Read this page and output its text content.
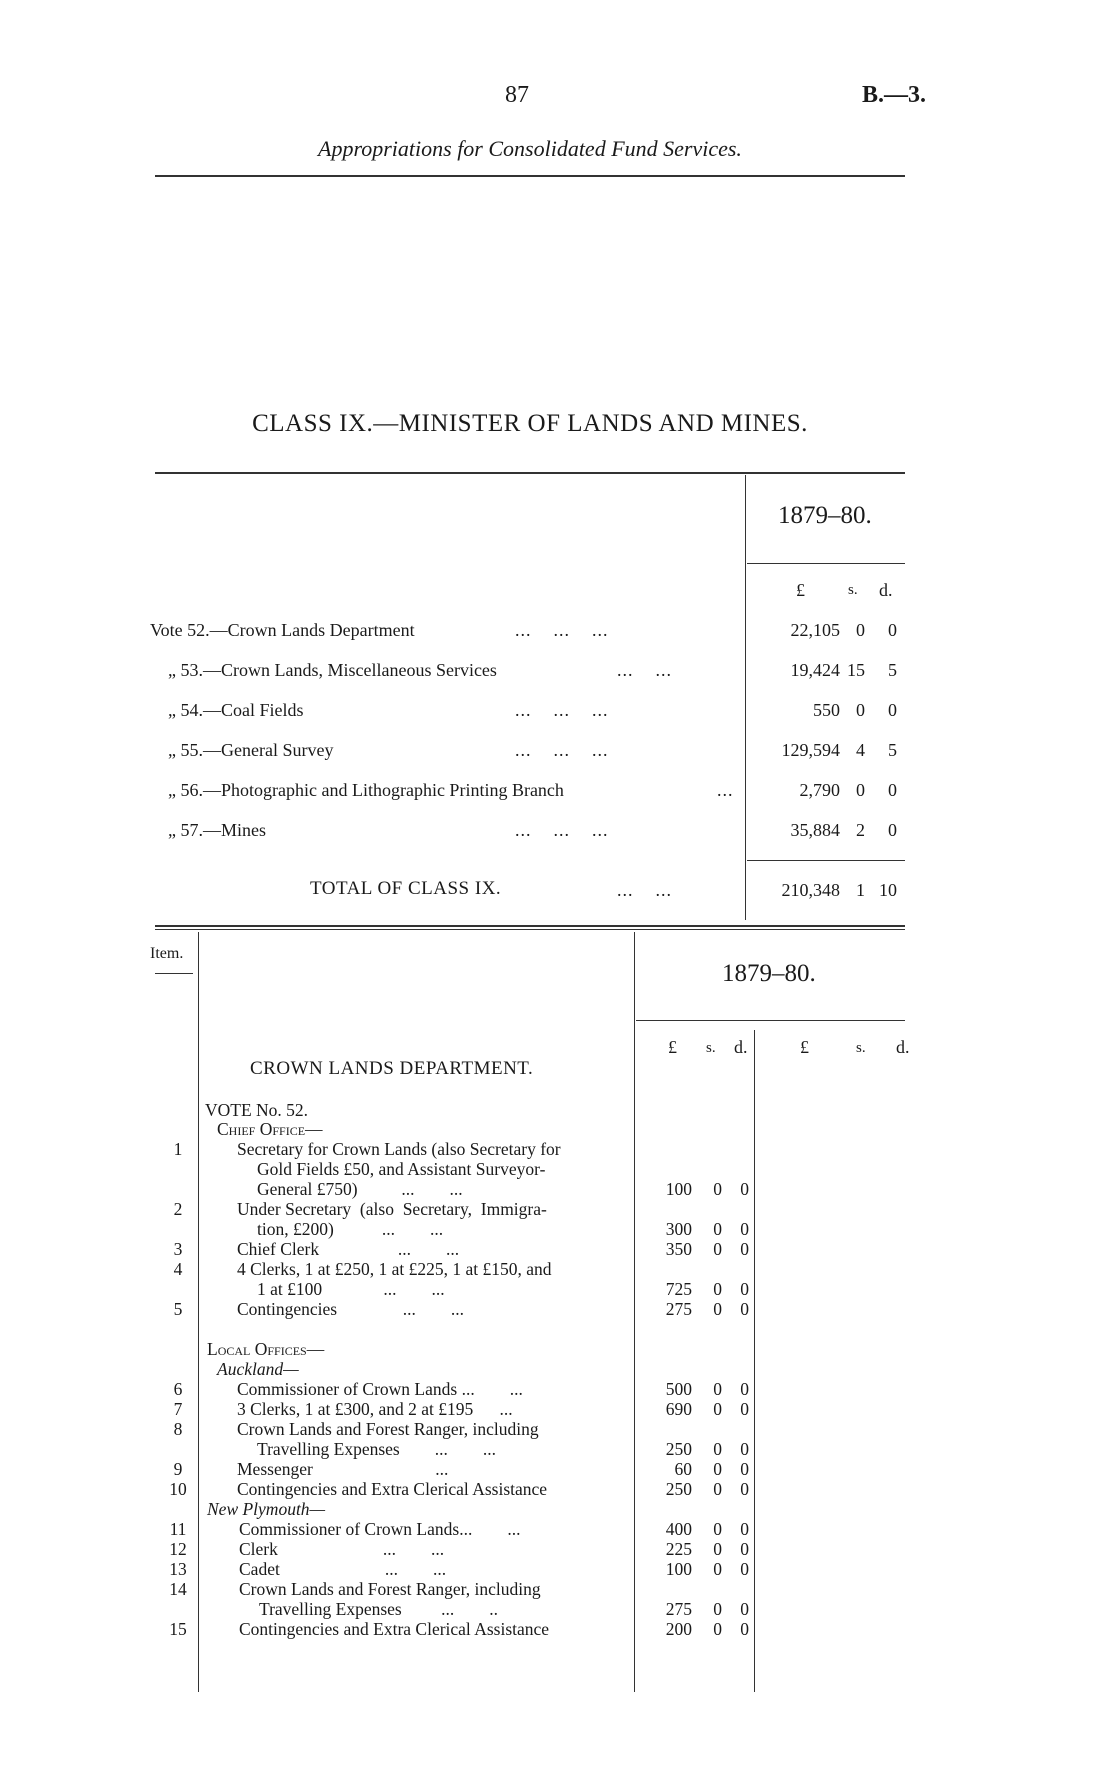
87	B.—3.
Appropriations for Consolidated Fund Services.
CLASS IX.—MINISTER OF LANDS AND MINES.
1879–80.
£	s. d.
Vote 52.—Crown Lands Department	...    ...    ...	22,105 0	0
„ 53.—Crown Lands, Miscellaneous Services	...    ...	19,424 15	5
„ 54.—Coal Fields	...    ...    ...	550 0	0
„ 55.—General Survey	...    ...    ...	129,594 4	5
„ 56.—Photographic and Lithographic Printing Branch	...	2,790 0	0
„ 57.—Mines	...    ...    ...	35,884 2	0
TOTAL OF CLASS IX.	...    ...	210,348 1 10
Item.
1879–80.
£ s. d.	£	s. d.
CROWN LANDS DEPARTMENT.
VOTE No. 52.
Chief Office—
1	Secretary for Crown Lands (also Secretary for
Gold Fields £50, and Assistant Surveyor-
General £750)          ...        ...	100	0	0
2	Under Secretary  (also  Secretary,  Immigra-
tion, £200)           ...        ...	300	0	0
3	Chief Clerk                  ...        ...	350	0	0
4	4 Clerks, 1 at £250, 1 at £225, 1 at £150, and
1 at £100              ...        ...	725	0	0
5	Contingencies               ...        ...	275	0	0
Local Offices—
Auckland—
6	Commissioner of Crown Lands ...        ...	500	0	0
7	3 Clerks, 1 at £300, and 2 at £195      ...	690	0	0
8	Crown Lands and Forest Ranger, including
Travelling Expenses        ...        ...	250	0	0
9	Messenger                            ...	60	0	0
10	Contingencies and Extra Clerical Assistance	250	0	0
New Plymouth—
11	Commissioner of Crown Lands...        ...	400	0	0
12	Clerk                        ...        ...	225	0	0
13	Cadet                        ...        ...	100	0	0
14	Crown Lands and Forest Ranger, including
Travelling Expenses         ...        ..	275	0	0
15	Contingencies and Extra Clerical Assistance	200	0	0
